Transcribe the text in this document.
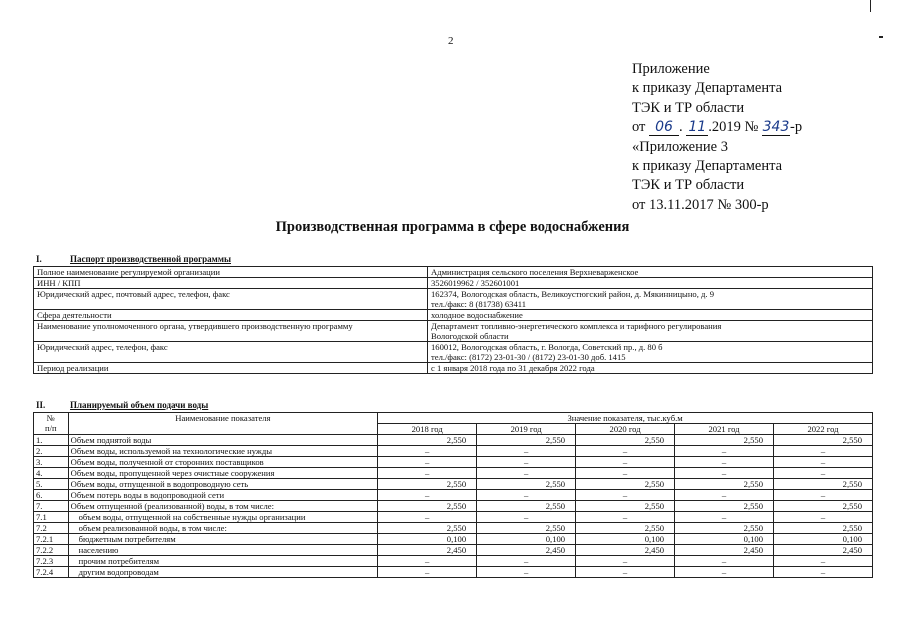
2
Приложение
к приказу Департамента
ТЭК и ТР области
от 06 . 11 .2019 № 343-р
«Приложение 3
к приказу Департамента
ТЭК и ТР области
от 13.11.2017 № 300-р
Производственная программа в сфере водоснабжения
I.	Паспорт производственной программы
Полное наименование регулируемой организации	Администрация сельского поселения Верхневарженское

ИНН / КПП	3526019962 / 352601001

Юридический адрес, почтовый адрес, телефон, факс	162374, Вологодская область, Великоустюгский район, д. Мякинницыно, д. 9
тел./факс: 8 (81738) 63411

Сфера деятельности	холодное водоснабжение

Наименование уполномоченного органа, утвердившего производственную программу	Департамент топливно-энергетического комплекса и тарифного регулирования
Вологодской области

Юридический адрес, телефон, факс	160012, Вологодская область, г. Вологда, Советский пр., д. 80 б
тел./факс: (8172) 23-01-30 / (8172) 23-01-30 доб. 1415

Период реализации	с 1 января 2018 года по 31 декабря 2022 года
II.	Планируемый объем подачи воды
№
п/п	Наименование показателя	Значение показателя, тыс.куб.м				
		2018 год	2019 год	2020 год	2021 год	2022 год
1.	Объем поднятой воды	2,550	2,550	2,550	2,550	2,550
2.	Объем воды, используемой на технологические нужды	–	–	–	–	–
3.	Объем воды, полученной от сторонних поставщиков	–	–	–	–	–
4.	Объем воды, пропущенной через очистные сооружения	–	–	–	–	–
5.	Объем воды, отпущенной в водопроводную сеть	2,550	2,550	2,550	2,550	2,550
6.	Объем потерь воды в водопроводной сети	–	–	–	–	–
7.	Объем отпущенной (реализованной) воды, в том числе:	2,550	2,550	2,550	2,550	2,550
7.1	объем воды, отпущенной на собственные нужды организации	–	–	–	–	–
7.2	объем реализованной воды, в том числе:	2,550	2,550	2,550	2,550	2,550
7.2.1	бюджетным потребителям	0,100	0,100	0,100	0,100	0,100
7.2.2	населению	2,450	2,450	2,450	2,450	2,450
7.2.3	прочим потребителям	–	–	–	–	–
7.2.4	другим водопроводам	–	–	–	–	–
